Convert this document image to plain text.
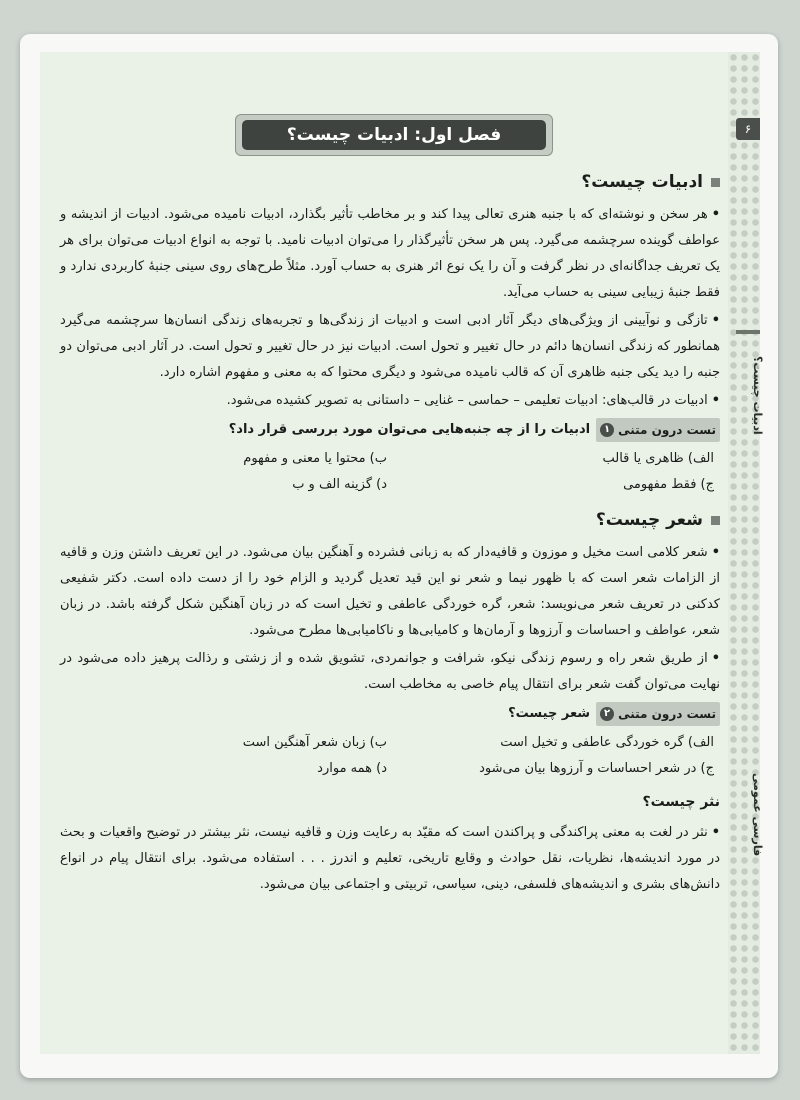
۶
ادبیات چیست؟
فارسی عمومی
فصل اول: ادبیات چیست؟
ادبیات چیست؟
•هر سخن و نوشته‌ای که با جنبه هنری تعالی پیدا کند و بر مخاطب تأثیر بگذارد، ادبیات نامیده می‌شود. ادبیات از اندیشه و عواطف گوینده سرچشمه می‌گیرد. پس هر سخن تأثیرگذار را می‌توان ادبیات نامید. با توجه به انواع ادبیات می‌توان برای هر یک تعریف جداگانه‌ای در نظر گرفت و آن را یک نوع اثر هنری به حساب آورد. مثلاً طرح‌های روی سینی جنبهٔ کاربردی ندارد و فقط جنبهٔ زیبایی سینی به حساب می‌آید.
•تازگی و نوآیینی از ویژگی‌های دیگر آثار ادبی است و ادبیات از زندگی‌ها و تجربه‌های زندگی انسان‌ها سرچشمه می‌گیرد همانطور که زندگی انسان‌ها دائم در حال تغییر و تحول است. ادبیات نیز در حال تغییر و تحول است. در آثار ادبی می‌توان دو جنبه را دید یکی جنبه ظاهری آن که قالب نامیده می‌شود و دیگری محتوا که به معنی و مفهوم اشاره دارد.
•ادبیات در قالب‌های: ادبیات تعلیمی – حماسی – غنایی – داستانی به تصویر کشیده می‌شود.
تست درون متنی
۱
ادبیات را از چه جنبه‌هایی می‌توان مورد بررسی قرار داد؟
الف) ظاهری یا قالب
ب) محتوا یا معنی و مفهوم
ج) فقط مفهومی
د) گزینه الف و ب
شعر چیست؟
•شعر کلامی است مخیل و موزون و قافیه‌دار که به زبانی فشرده و آهنگین بیان می‌شود. در این تعریف داشتن وزن و قافیه از الزامات شعر است که با ظهور نیما و شعر نو این قید تعدیل گردید و الزام خود را از دست داده است. دکتر شفیعی کدکنی در تعریف شعر می‌نویسد: شعر، گره خوردگی عاطفی و تخیل است که در زبان آهنگین شکل گرفته باشد. در زبان شعر، عواطف و احساسات و آرزوها و آرمان‌ها و کامیابی‌ها و ناکامیابی‌ها مطرح می‌شود.
•از طریق شعر راه و رسوم زندگی نیکو، شرافت و جوانمردی، تشویق شده و از زشتی و رذالت پرهیز داده می‌شود در نهایت می‌توان گفت شعر برای انتقال پیام خاصی به مخاطب است.
تست درون متنی
۲
شعر چیست؟
الف) گره خوردگی عاطفی و تخیل است
ب) زبان شعر آهنگین است
ج) در شعر احساسات و آرزوها بیان می‌شود
د) همه موارد
نثر چیست؟
•نثر در لغت به معنی پراکندگی و پراکندن است که مقیّد به رعایت وزن و قافیه نیست، نثر بیشتر در توضیح واقعیات و بحث در مورد اندیشه‌ها، نظریات، نقل حوادث و وقایع تاریخی، تعلیم و اندرز . . . استفاده می‌شود. برای انتقال پیام در انواع دانش‌های بشری و اندیشه‌های فلسفی، دینی، سیاسی، تربیتی و اجتماعی بیان می‌شود.
